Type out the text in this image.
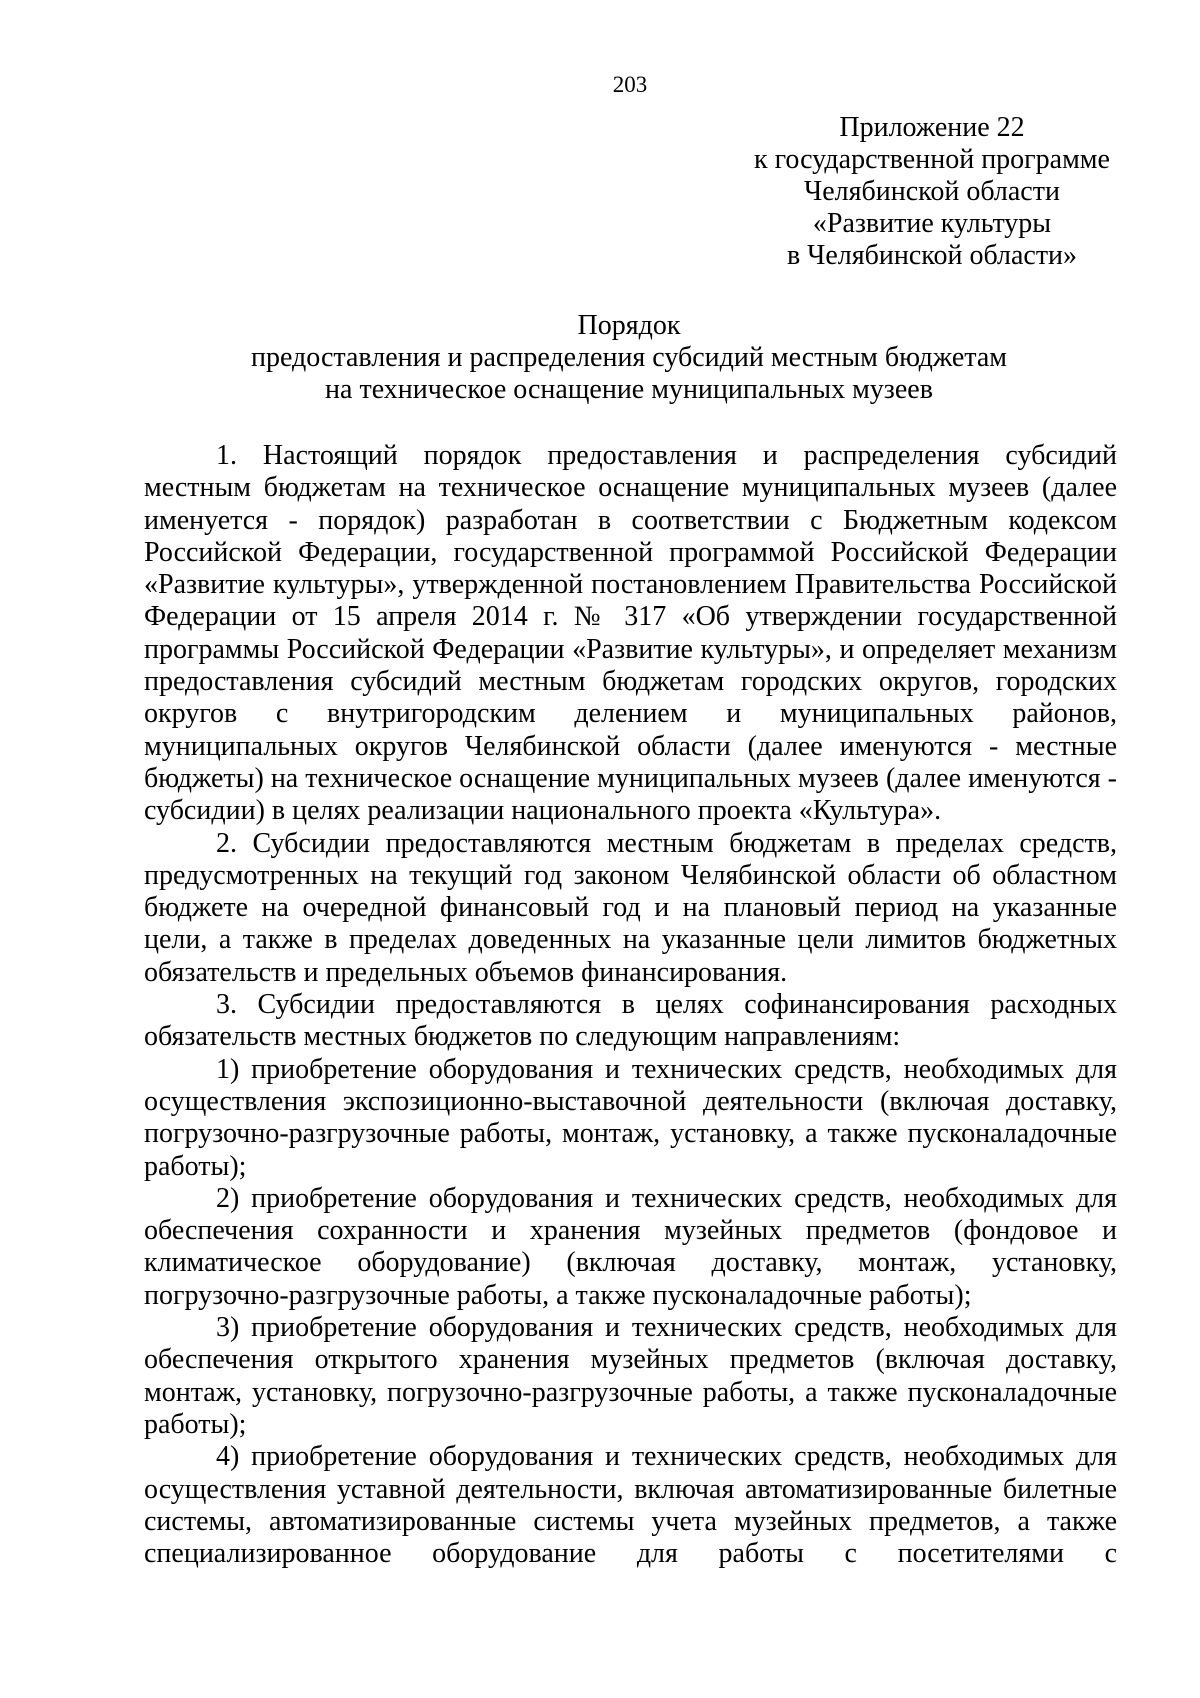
203
Приложение 22
к государственной программе
Челябинской области
«Развитие культуры
в Челябинской области»
Порядок
предоставления и распределения субсидий местным бюджетам
на техническое оснащение муниципальных музеев

1. Настоящий порядок предоставления и распределения субсидий местным бюджетам на техническое оснащение муниципальных музеев (далее именуется - порядок) разработан в соответствии с Бюджетным кодексом Российской Федерации, государственной программой Российской Федерации «Развитие культуры», утвержденной постановлением Правительства Российской Федерации от 15 апреля 2014 г. № 317 «Об утверждении государственной программы Российской Федерации «Развитие культуры», и определяет механизм предоставления субсидий местным бюджетам городских округов, городских округов с внутригородским делением и муниципальных районов, муниципальных округов Челябинской области (далее именуются - местные бюджеты) на техническое оснащение муниципальных музеев (далее именуются - субсидии) в целях реализации национального проекта «Культура».

2. Субсидии предоставляются местным бюджетам в пределах средств, предусмотренных на текущий год законом Челябинской области об областном бюджете на очередной финансовый год и на плановый период на указанные цели, а также в пределах доведенных на указанные цели лимитов бюджетных обязательств и предельных объемов финансирования.

3. Субсидии предоставляются в целях софинансирования расходных обязательств местных бюджетов по следующим направлениям:

1) приобретение оборудования и технических средств, необходимых для осуществления экспозиционно-выставочной деятельности (включая доставку, погрузочно-разгрузочные работы, монтаж, установку, а также пусконаладочные работы);

2) приобретение оборудования и технических средств, необходимых для обеспечения сохранности и хранения музейных предметов (фондовое и климатическое оборудование) (включая доставку, монтаж, установку, погрузочно-разгрузочные работы, а также пусконаладочные работы);

3) приобретение оборудования и технических средств, необходимых для обеспечения открытого хранения музейных предметов (включая доставку, монтаж, установку, погрузочно-разгрузочные работы, а также пусконаладочные работы);

4) приобретение оборудования и технических средств, необходимых для осуществления уставной деятельности, включая автоматизированные билетные системы, автоматизированные системы учета музейных предметов, а также специализированное оборудование для работы с посетителями с
